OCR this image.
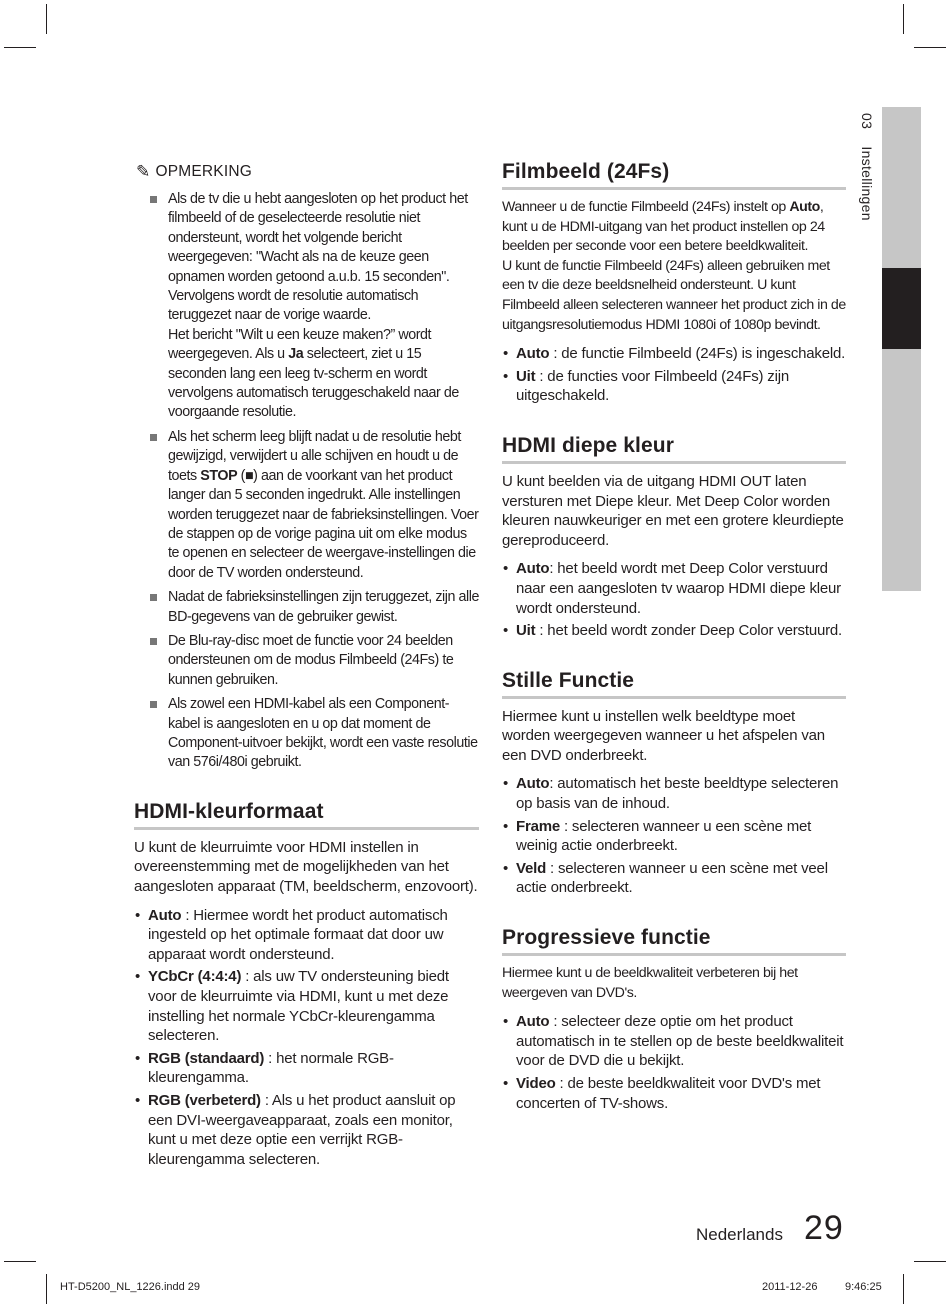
03 Instellingen
✎ OPMERKING
Als de tv die u hebt aangesloten op het product het filmbeeld of de geselecteerde resolutie niet ondersteunt, wordt het volgende bericht weergegeven: "Wacht als na de keuze geen opnamen worden getoond a.u.b. 15 seconden". Vervolgens wordt de resolutie automatisch teruggezet naar de vorige waarde.
Het bericht "Wilt u een keuze maken?” wordt weergegeven. Als u Ja selecteert, ziet u 15 seconden lang een leeg tv-scherm en wordt vervolgens automatisch teruggeschakeld naar de voorgaande resolutie.
Als het scherm leeg blijft nadat u de resolutie hebt gewijzigd, verwijdert u alle schijven en houdt u de toets STOP (■) aan de voorkant van het product langer dan 5 seconden ingedrukt. Alle instellingen worden teruggezet naar de fabrieksinstellingen. Voer de stappen op de vorige pagina uit om elke modus te openen en selecteer de weergave-instellingen die door de TV worden ondersteund.
Nadat de fabrieksinstellingen zijn teruggezet, zijn alle BD-gegevens van de gebruiker gewist.
De Blu-ray-disc moet de functie voor 24 beelden ondersteunen om de modus Filmbeeld (24Fs) te kunnen gebruiken.
Als zowel een HDMI-kabel als een Component-kabel is aangesloten en u op dat moment de Component-uitvoer bekijkt, wordt een vaste resolutie van 576i/480i gebruikt.
HDMI-kleurformaat

U kunt de kleurruimte voor HDMI instellen in overeenstemming met de mogelijkheden van het aangesloten apparaat (TM, beeldscherm, enzovoort).

• Auto : Hiermee wordt het product automatisch ingesteld op het optimale formaat dat door uw apparaat wordt ondersteund.
• YCbCr (4:4:4) : als uw TV ondersteuning biedt voor de kleurruimte via HDMI, kunt u met deze instelling het normale YCbCr-kleurengamma selecteren.
• RGB (standaard) : het normale RGB-kleurengamma.
• RGB (verbeterd) : Als u het product aansluit op een DVI-weergaveapparaat, zoals een monitor, kunt u met deze optie een verrijkt RGB-kleurengamma selecteren.
Filmbeeld (24Fs)

Wanneer u de functie Filmbeeld (24Fs) instelt op Auto, kunt u de HDMI-uitgang van het product instellen op 24 beelden per seconde voor een betere beeldkwaliteit.
U kunt de functie Filmbeeld (24Fs) alleen gebruiken met een tv die deze beeldsnelheid ondersteunt. U kunt Filmbeeld alleen selecteren wanneer het product zich in de uitgangsresolutiemodus HDMI 1080i of 1080p bevindt.

• Auto : de functie Filmbeeld (24Fs) is ingeschakeld.
• Uit : de functies voor Filmbeeld (24Fs) zijn uitgeschakeld.
HDMI diepe kleur

U kunt beelden via de uitgang HDMI OUT laten versturen met Diepe kleur. Met Deep Color worden kleuren nauwkeuriger en met een grotere kleurdiepte gereproduceerd.

• Auto: het beeld wordt met Deep Color verstuurd naar een aangesloten tv waarop HDMI diepe kleur wordt ondersteund.
• Uit : het beeld wordt zonder Deep Color verstuurd.
Stille Functie

Hiermee kunt u instellen welk beeldtype moet worden weergegeven wanneer u het afspelen van een DVD onderbreekt.

• Auto: automatisch het beste beeldtype selecteren op basis van de inhoud.
• Frame : selecteren wanneer u een scène met weinig actie onderbreekt.
• Veld : selecteren wanneer u een scène met veel actie onderbreekt.
Progressieve functie

Hiermee kunt u de beeldkwaliteit verbeteren bij het weergeven van DVD's.

• Auto : selecteer deze optie om het product automatisch in te stellen op de beste beeldkwaliteit voor de DVD die u bekijkt.
• Video : de beste beeldkwaliteit voor DVD's met concerten of TV-shows.
Nederlands 29
HT-D5200_NL_1226.indd 29	2011-12-26	9:46:25
